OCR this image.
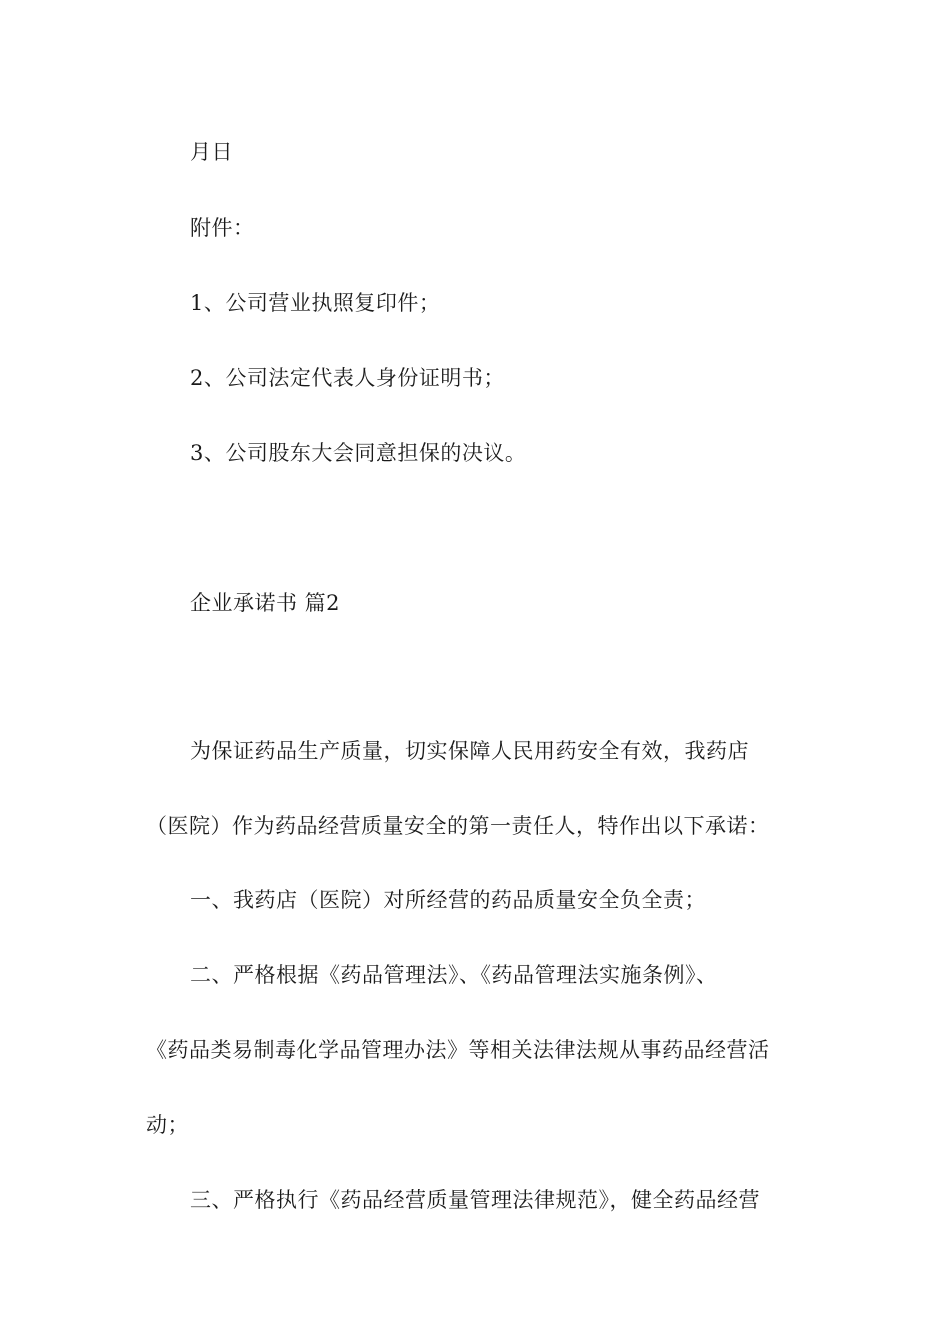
月日
附件：
1、公司营业执照复印件；
2、公司法定代表人身份证明书；
3、公司股东大会同意担保的决议。
企业承诺书 篇2
为保证药品生产质量，切实保障人民用药安全有效，我药店
（医院）作为药品经营质量安全的第一责任人，特作出以下承诺：
一、我药店（医院）对所经营的药品质量安全负全责；
二、严格根据《药品管理法》、《药品管理法实施条例》、
《药品类易制毒化学品管理办法》等相关法律法规从事药品经营活
动；
三、严格执行《药品经营质量管理法律规范》，健全药品经营
